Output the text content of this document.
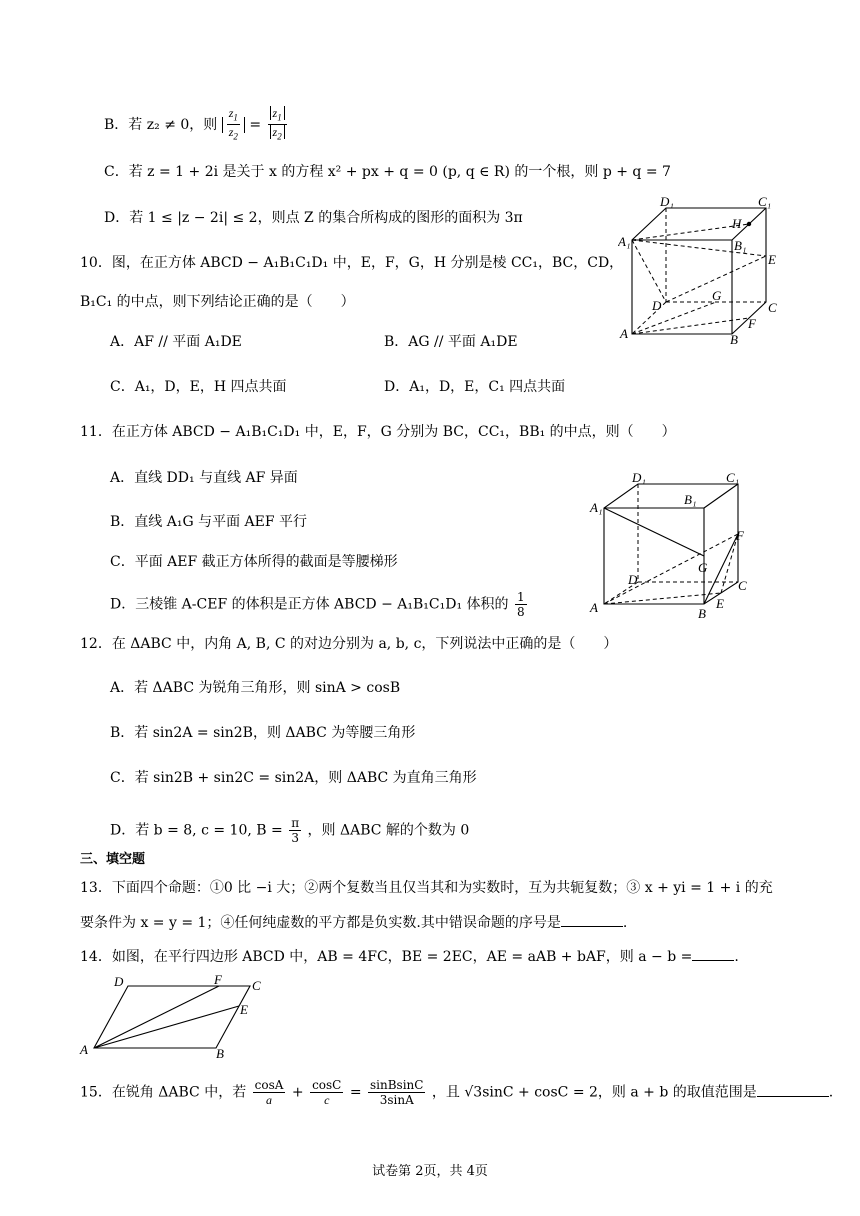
B．若 z₂ ≠ 0，则 $\frac{z_1}{z_2} = \frac{z_1}{z_2}$
C．若 z = 1 + 2i 是关于 x 的方程 x² + px + q = 0 (p, q ∈ R) 的一个根，则 p + q = 7
D．若 1 ≤ |z − 2i| ≤ 2，则点 Z 的集合所构成的图形的面积为 3π
10．图，在正方体 ABCD − A₁B₁C₁D₁ 中，E，F，G，H 分别是棱 CC₁，BC，CD，
B₁C₁ 的中点，则下列结论正确的是（　　）
A．AF // 平面 A₁DE	B．AG // 平面 A₁DE
C．A₁，D，E，H 四点共面	D．A₁，D，E，C₁ 四点共面
D₁	C₁
H
A₁	B₁
E
D
G
C
F
A	B
11．在正方体 ABCD − A₁B₁C₁D₁ 中，E，F，G 分别为 BC，CC₁，BB₁ 的中点，则（　　）
A．直线 DD₁ 与直线 AF 异面
B．直线 A₁G 与平面 AEF 平行
C．平面 AEF 截正方体所得的截面是等腰梯形
D．三棱锥 A-CEF 的体积是正方体 ABCD − A₁B₁C₁D₁ 体积的 $\frac{1}{8}$
D₁	C₁
A₁
B₁
F
G
D	C
A	E
B
12．在 ΔABC 中，内角 A, B, C 的对边分别为 a, b, c，下列说法中正确的是（　　）
A．若 ΔABC 为锐角三角形，则 sinA > cosB
B．若 sin2A = sin2B，则 ΔABC 为等腰三角形
C．若 sin2B + sin2C = sin2A，则 ΔABC 为直角三角形
D．若 b = 8, c = 10, $B = \frac{\pi}{3}$ ，则 ΔABC 解的个数为 0
三、填空题
13．下面四个命题：①0 比 −i 大；②两个复数当且仅当其和为实数时，互为共轭复数；③ x + yi = 1 + i 的充
要条件为 x = y = 1；④任何纯虚数的平方都是负实数.其中错误命题的序号是	.
14．如图，在平行四边形 ABCD 中，AB = 4FC，BE = 2EC，AE = aAB + bAF，则 a − b =	.
D	F C
E
A	B
15．在锐角 ΔABC 中，若 $\frac{\cos A}{a} + \frac{\cos C}{c} = \frac{\text{sinBsinC}}{3\sin A}$ ，且 √3sinC + cosC = 2，则 a + b 的取值范围是	.
试卷第 2页，共 4页
